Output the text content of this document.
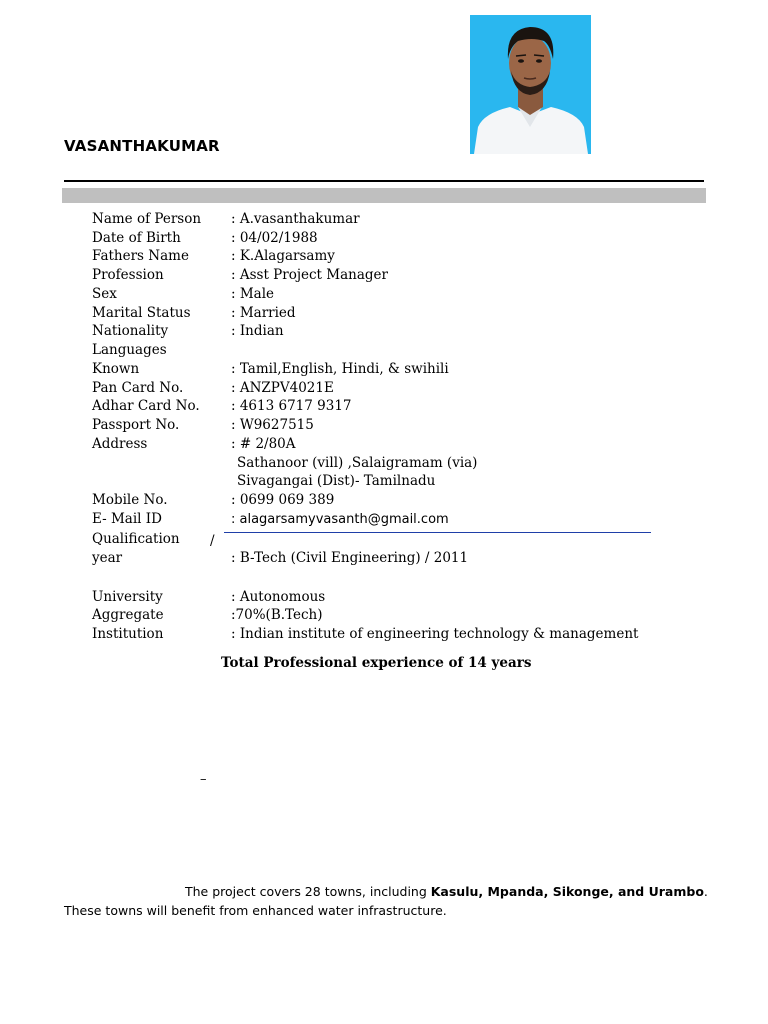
VASANTHAKUMAR
Name of Person : A.vasanthakumar
Date of Birth	: 04/02/1988
Fathers Name	: K.Alagarsamy
Profession	: Asst Project Manager
Sex	: Male
Marital Status	: Married
Nationality	: Indian
Languages
Known	: Tamil,English, Hindi, & swihili
Pan Card No.	: ANZPV4021E
Adhar Card No. : 4613 6717 9317
Passport No.	: W9627515
Address	: # 2/80A
Sathanoor (vill) ,Salaigramam (via)
Sivagangai (Dist)- Tamilnadu
Mobile No.	: 0699 069 389
E- Mail ID	: alagarsamyvasanth@gmail.com
Qualification /
year	: B-Tech (Civil Engineering) / 2011
University	: Autonomous
Aggregate	:70%(B.Tech)
Institution	: Indian institute of engineering technology & management
Total Professional experience of 14 years
–
The project covers 28 towns, including Kasulu, Mpanda, Sikonge, and Urambo. These towns will benefit from enhanced water infrastructure.
